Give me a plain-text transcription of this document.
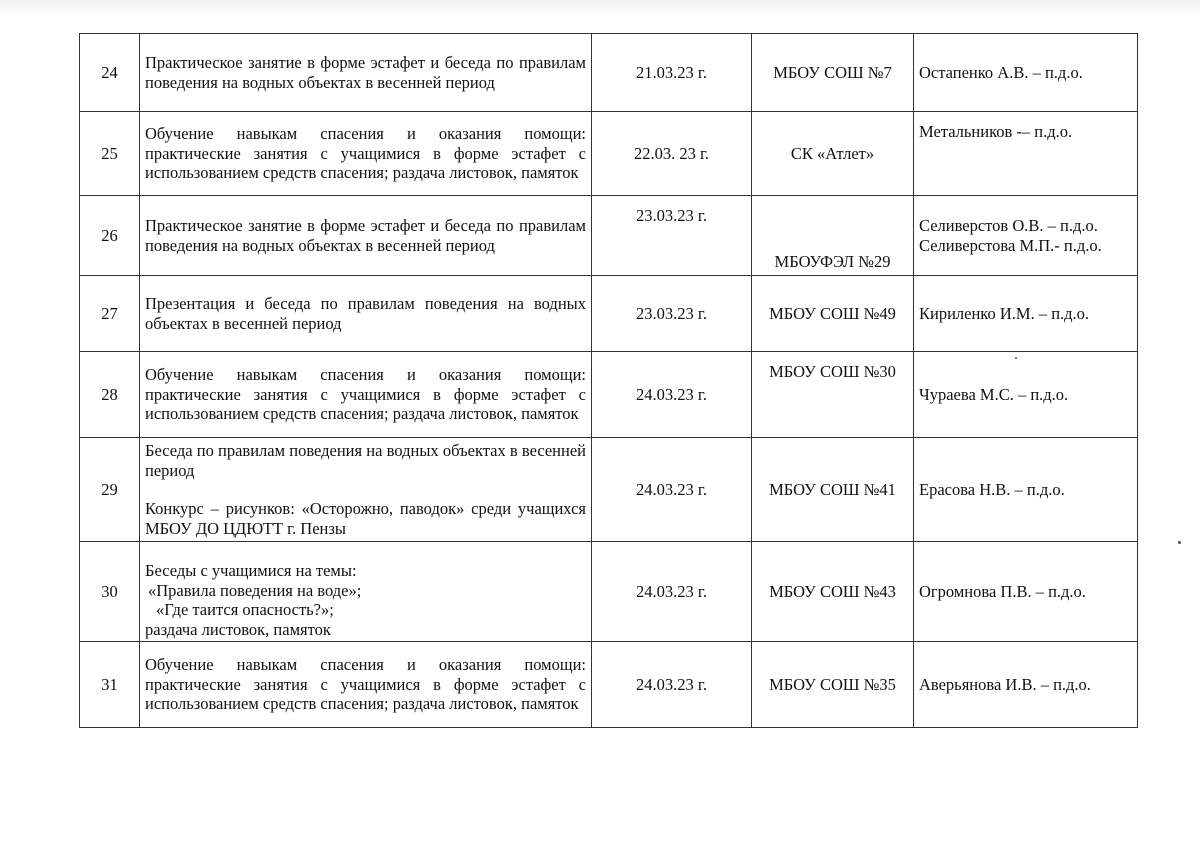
24	Практическое занятие в форме эстафет и беседа по правилам поведения на водных объектах в весенней период	21.03.23 г.	МБОУ СОШ №7	Остапенко А.В. – п.д.о.

25	Обучение навыкам спасения и оказания помощи: практические занятия с учащимися в форме эстафет с использованием средств спасения; раздача листовок, памяток	22.03. 23 г.	СК «Атлет»	Метальников -– п.д.о.

26	Практическое занятие в форме эстафет и беседа по правилам поведения на водных объектах в весенней период	23.03.23 г.	МБОУФЭЛ №29	Селиверстов О.В. – п.д.о.
Селиверстова М.П.- п.д.о.

27	Презентация и беседа по правилам поведения на водных объектах в весенней период	23.03.23 г.	МБОУ СОШ №49	Кириленко И.М. – п.д.о.

28	Обучение навыкам спасения и оказания помощи: практические занятия с учащимися в форме эстафет с использованием средств спасения; раздача листовок, памяток	24.03.23 г.	МБОУ СОШ №30	Чураева М.С. – п.д.о.

29	Беседа по правилам поведения на водных объектах в весенней период
Конкурс – рисунков: «Осторожно, паводок» среди учащихся МБОУ ДО ЦДЮТТ г. Пензы	24.03.23 г.	МБОУ СОШ №41	Ерасова Н.В. – п.д.о.

30	Беседы с учащимися на темы:
«Правила поведения на воде»;
«Где таится опасность?»;
раздача листовок, памяток	24.03.23 г.	МБОУ СОШ №43	Огромнова П.В. – п.д.о.

31	Обучение навыкам спасения и оказания помощи: практические занятия с учащимися в форме эстафет с использованием средств спасения; раздача листовок, памяток	24.03.23 г.	МБОУ СОШ №35	Аверьянова И.В. – п.д.о.
